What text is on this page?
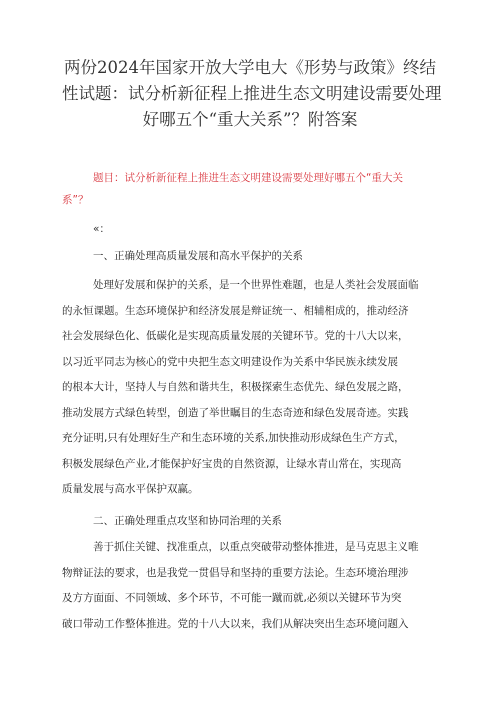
两份2024年国家开放大学电大《形势与政策》终结
性试题：试分析新征程上推进生态文明建设需要处理
好哪五个“重大关系”？附答案
题目：试分析新征程上推进生态文明建设需要处理好哪五个“重大关
系”？
«：
一、正确处理高质量发展和高水平保护的关系
处理好发展和保护的关系，是一个世界性难题，也是人类社会发展面临
的永恒课题。生态环境保护和经济发展是辩证统一、相辅相成的，推动经济
社会发展绿色化、低碳化是实现高质量发展的关键环节。党的十八大以来，
以习近平同志为核心的党中央把生态文明建设作为关系中华民族永续发展
的根本大计，坚持人与自然和谐共生，积极探索生态优先、绿色发展之路，
推动发展方式绿色转型，创造了举世瞩目的生态奇迹和绿色发展奇迹。实践
充分证明,只有处理好生产和生态环境的关系,加快推动形成绿色生产方式，
积极发展绿色产业,才能保护好宝贵的自然资源，让绿水青山常在，实现高
质量发展与高水平保护双赢。
二、正确处理重点攻坚和协同治理的关系
善于抓住关键、找准重点，以重点突破带动整体推进，是马克思主义唯
物辩证法的要求，也是我党一贯倡导和坚持的重要方法论。生态环境治理涉
及方方面面、不同领域、多个环节，不可能一蹴而就,必须以关键环节为突
破口带动工作整体推进。党的十八大以来，我们从解决突出生态环境问题入
